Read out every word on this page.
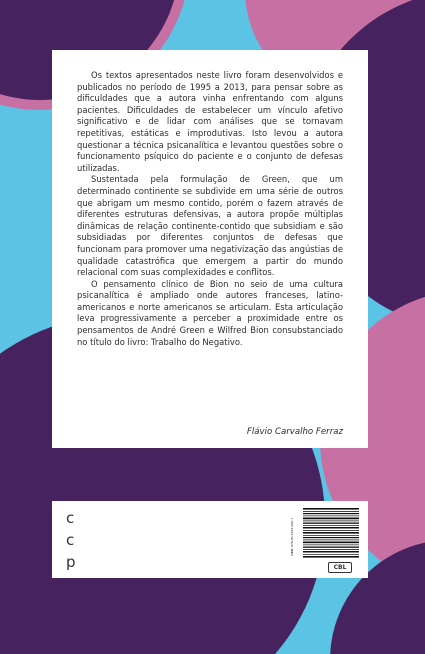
Os textos apresentados neste livro foram desenvolvidos e publicados no período de 1995 a 2013, para pensar sobre as dificuldades que a autora vinha enfrentando com alguns pacientes. Dificuldades de estabelecer um vínculo afetivo significativo e de lidar com análises que se tornavam repetitivas, estáticas e improdutivas. Isto levou a autora questionar a técnica psicanalítica e levantou questões sobre o funcionamento psíquico do paciente e o conjunto de defesas utilizadas.

Sustentada pela formulação de Green, que um determinado continente se subdivide em uma série de outros que abrigam um mesmo contido, porém o fazem através de diferentes estruturas defensivas, a autora propõe múltiplas dinâmicas de relação continente-contido que subsidiam e são subsidiadas por diferentes conjuntos de defesas que funcionam para promover uma negativização das angústias de qualidade catastrófica que emergem a partir do mundo relacional com suas complexidades e conflitos.

O pensamento clínico de Bion no seio de uma cultura psicanalítica é ampliado onde autores franceses, latino-americanos e norte americanos se articulam. Esta articulação leva progressivamente a perceber a proximidade entre os pensamentos de André Green e Wilfred Bion consubstanciado no título do livro: Trabalho do Negativo.

Flávio Carvalho Ferraz
c
c
p
ISBN: 978-85-7974-066-1
CBL
